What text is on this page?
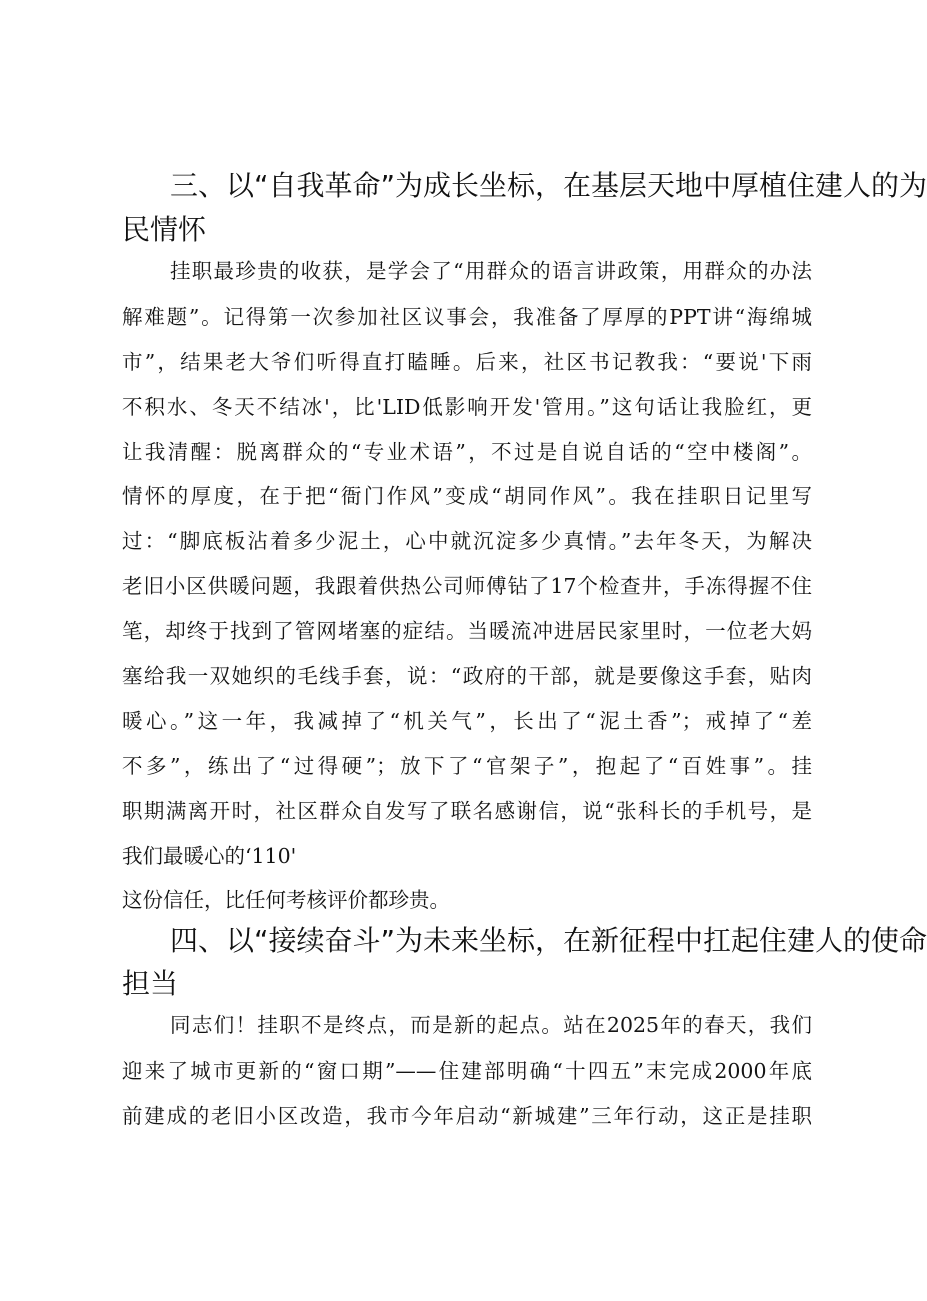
三、以“自我革命”为成长坐标，在基层天地中厚植住建人的为
民情怀
挂职最珍贵的收获，是学会了“用群众的语言讲政策，用群众的办法
解难题”。记得第一次参加社区议事会，我准备了厚厚的PPT讲“海绵城
市”，结果老大爷们听得直打瞌睡。后来，社区书记教我：“要说'下雨
不积水、冬天不结冰'，比'LID低影响开发'管用。”这句话让我脸红，更
让我清醒：脱离群众的“专业术语”，不过是自说自话的“空中楼阁”。
情怀的厚度，在于把“衙门作风”变成“胡同作风”。我在挂职日记里写
过：“脚底板沾着多少泥土，心中就沉淀多少真情。”去年冬天，为解决
老旧小区供暖问题，我跟着供热公司师傅钻了17个检查井，手冻得握不住
笔，却终于找到了管网堵塞的症结。当暖流冲进居民家里时，一位老大妈
塞给我一双她织的毛线手套，说：“政府的干部，就是要像这手套，贴肉
暖心。”这一年，我减掉了“机关气”，长出了“泥土香”；戒掉了“差
不多”，练出了“过得硬”；放下了“官架子”，抱起了“百姓事”。挂
职期满离开时，社区群众自发写了联名感谢信，说“张科长的手机号，是
我们最暖心的‘110'
这份信任，比任何考核评价都珍贵。
四、以“接续奋斗”为未来坐标，在新征程中扛起住建人的使命
担当
同志们！挂职不是终点，而是新的起点。站在2025年的春天，我们
迎来了城市更新的“窗口期”——住建部明确“十四五”末完成2000年底
前建成的老旧小区改造，我市今年启动“新城建”三年行动，这正是挂职
